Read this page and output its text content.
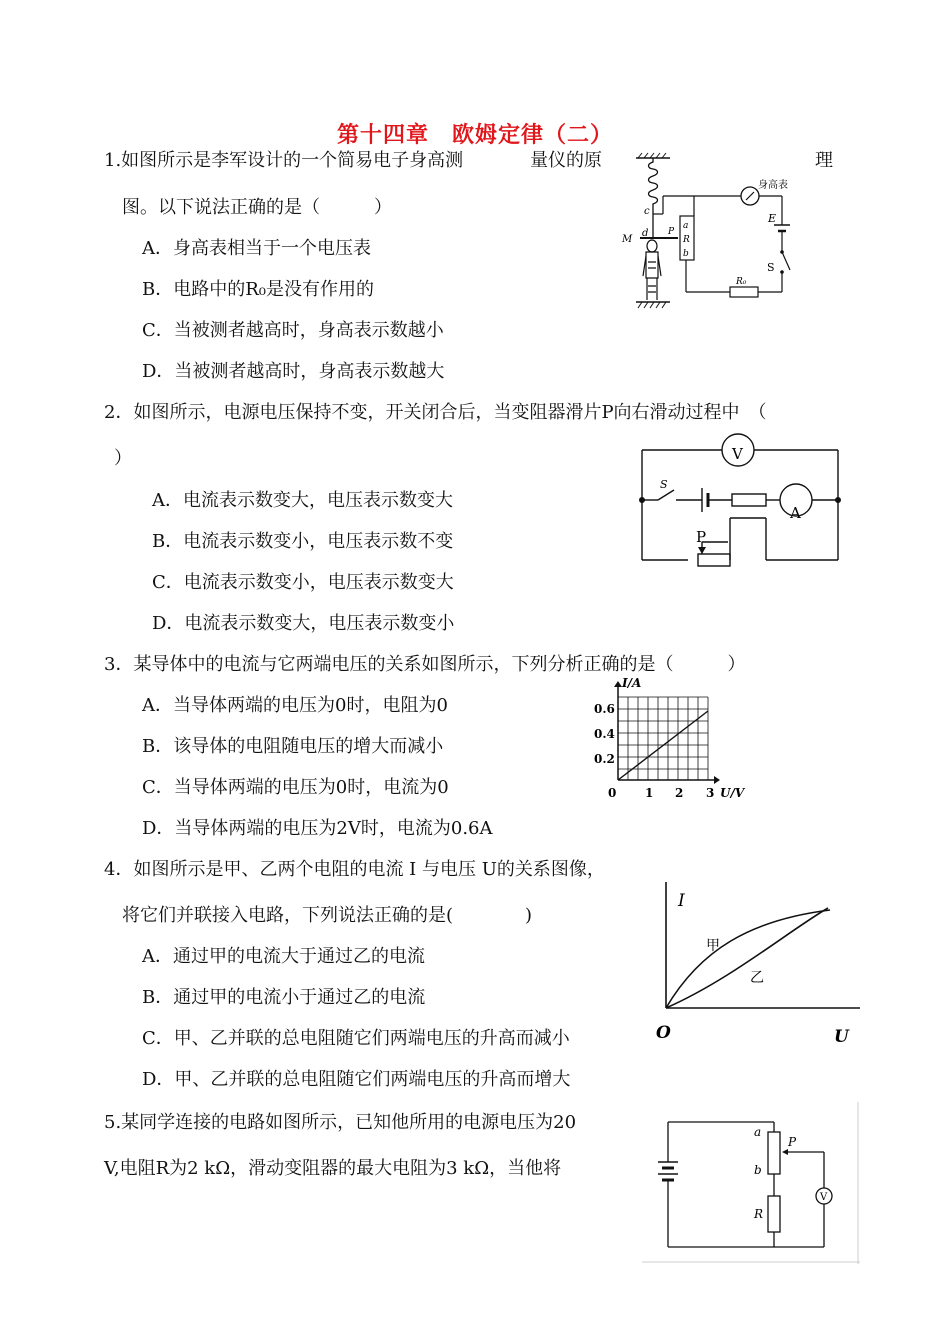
第十四章　欧姆定律（二）
1.如图所示是李军设计的一个简易电子身高测	量仪的原	理
图。以下说法正确的是（　　　）
A．身高表相当于一个电压表
B．电路中的R₀是没有作用的
C．当被测者越高时，身高表示数越小
D．当被测者越高时，身高表示数越大
身高表
E
S
R₀
a
R
b
P
d
c
M
2．如图所示，电源电压保持不变，开关闭合后，当变阻器滑片P向右滑动过程中　（
）
A．电流表示数变大，电压表示数变大
B．电流表示数变小，电压表示数不变
C．电流表示数变小，电压表示数变大
D．电流表示数变大，电压表示数变小
V
A
P
S
3．某导体中的电流与它两端电压的关系如图所示，下列分析正确的是（　　　）
A．当导体两端的电压为0时，电阻为0
B．该导体的电阻随电压的增大而减小
C．当导体两端的电压为0时，电流为0
D．当导体两端的电压为2V时，电流为0.6A
I/A
U/V
0.6
0.4
0.2
0 1 2 3
4．如图所示是甲、乙两个电阻的电流 I 与电压 U的关系图像，
将它们并联接入电路，下列说法正确的是(　　　　)
A．通过甲的电流大于通过乙的电流
B．通过甲的电流小于通过乙的电流
C．甲、乙并联的总电阻随它们两端电压的升高而减小
D．甲、乙并联的总电阻随它们两端电压的升高而增大
I
U
O
甲
乙
5.某同学连接的电路如图所示，已知他所用的电源电压为20
V,电阻R为2 kΩ，滑动变阻器的最大电阻为3 kΩ，当他将
a
P
b
R
V
